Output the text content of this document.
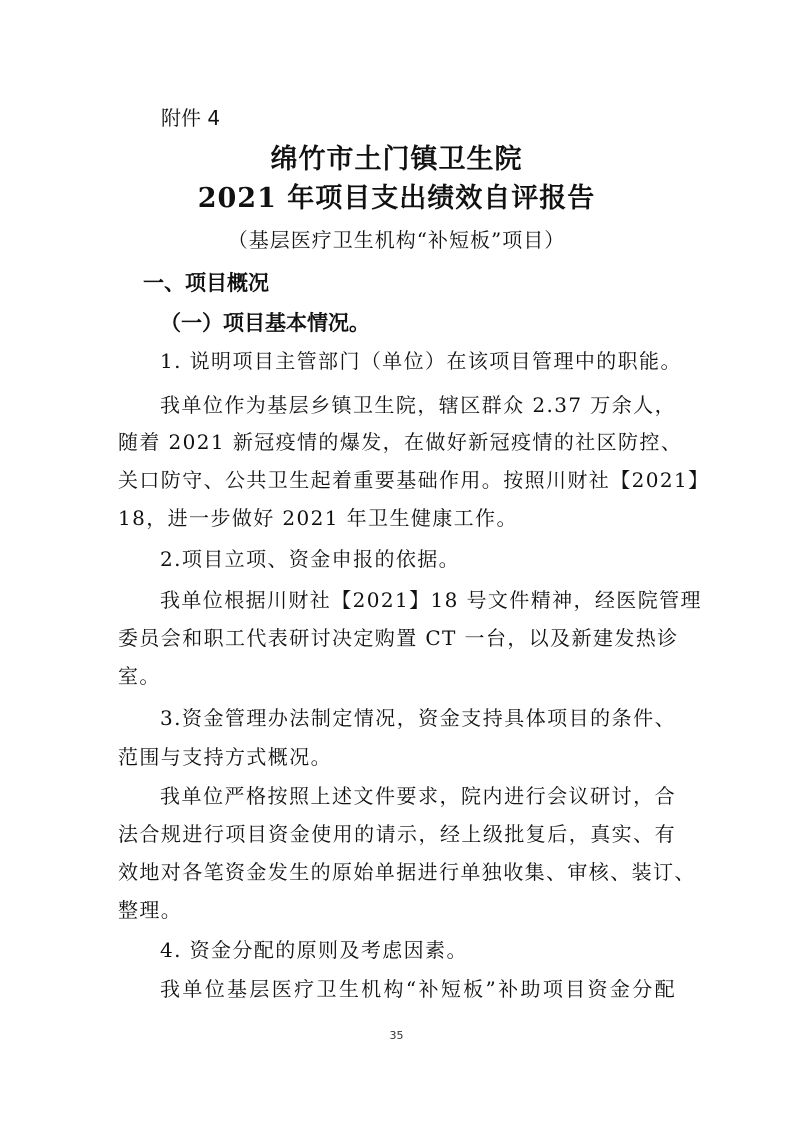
附件 4

绵竹市土门镇卫生院

2021 年项目支出绩效自评报告

（基层医疗卫生机构“补短板”项目）

一、项目概况

（一）项目基本情况。

1. 说明项目主管部门（单位）在该项目管理中的职能。

我单位作为基层乡镇卫生院，辖区群众 2.37 万余人，

随着 2021 新冠疫情的爆发，在做好新冠疫情的社区防控、

关口防守、公共卫生起着重要基础作用。按照川财社【2021】

18，进一步做好 2021 年卫生健康工作。

2.项目立项、资金申报的依据。

我单位根据川财社【2021】18 号文件精神，经医院管理

委员会和职工代表研讨决定购置 CT 一台，以及新建发热诊

室。

3.资金管理办法制定情况，资金支持具体项目的条件、

范围与支持方式概况。

我单位严格按照上述文件要求，院内进行会议研讨，合

法合规进行项目资金使用的请示，经上级批复后，真实、有

效地对各笔资金发生的原始单据进行单独收集、审核、装订、

整理。

4. 资金分配的原则及考虑因素。

我单位基层医疗卫生机构“补短板”补助项目资金分配

35
